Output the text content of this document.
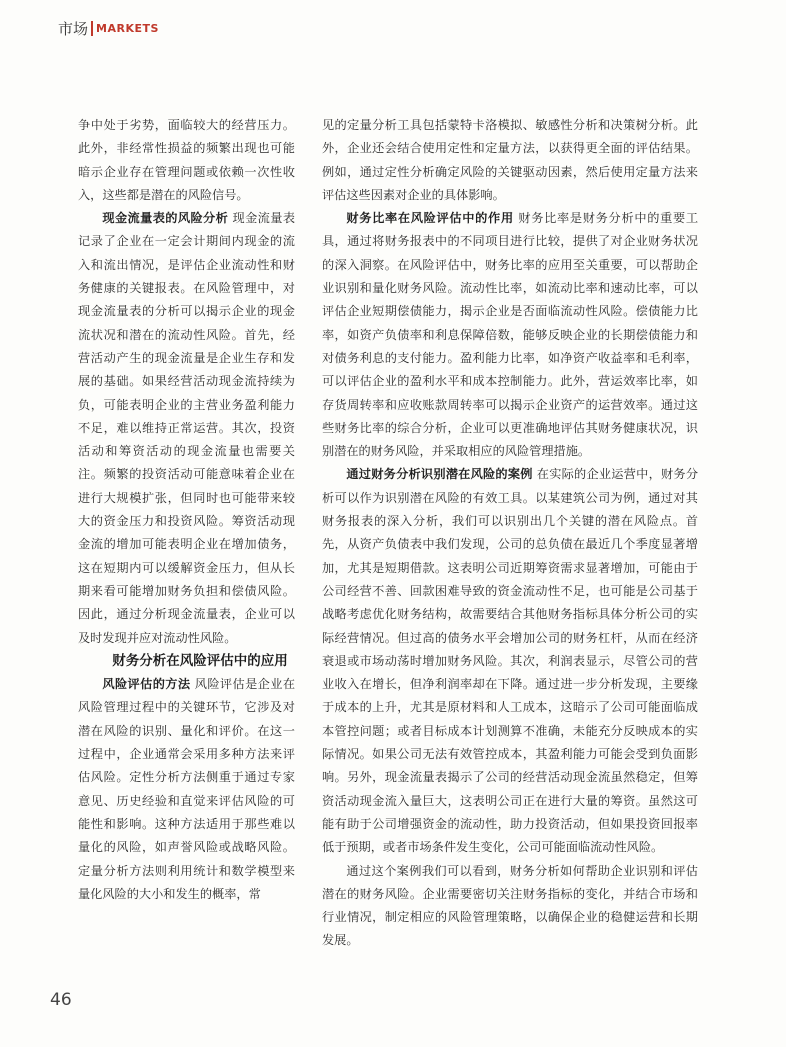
市场 MARKETS

争中处于劣势，面临较大的经营压力。此外，非经常性损益的频繁出现也可能暗示企业存在管理问题或依赖一次性收入，这些都是潜在的风险信号。

现金流量表的风险分析 现金流量表记录了企业在一定会计期间内现金的流入和流出情况，是评估企业流动性和财务健康的关键报表。在风险管理中，对现金流量表的分析可以揭示企业的现金流状况和潜在的流动性风险。首先，经营活动产生的现金流量是企业生存和发展的基础。如果经营活动现金流持续为负，可能表明企业的主营业务盈利能力不足，难以维持正常运营。其次，投资活动和筹资活动的现金流量也需要关注。频繁的投资活动可能意味着企业在进行大规模扩张，但同时也可能带来较大的资金压力和投资风险。筹资活动现金流的增加可能表明企业在增加债务，这在短期内可以缓解资金压力，但从长期来看可能增加财务负担和偿债风险。因此，通过分析现金流量表，企业可以及时发现并应对流动性风险。

财务分析在风险评估中的应用

风险评估的方法 风险评估是企业在风险管理过程中的关键环节，它涉及对潜在风险的识别、量化和评价。在这一过程中，企业通常会采用多种方法来评估风险。定性分析方法侧重于通过专家意见、历史经验和直觉来评估风险的可能性和影响。这种方法适用于那些难以量化的风险，如声誉风险或战略风险。定量分析方法则利用统计和数学模型来量化风险的大小和发生的概率，常

见的定量分析工具包括蒙特卡洛模拟、敏感性分析和决策树分析。此外，企业还会结合使用定性和定量方法，以获得更全面的评估结果。例如，通过定性分析确定风险的关键驱动因素，然后使用定量方法来评估这些因素对企业的具体影响。

财务比率在风险评估中的作用 财务比率是财务分析中的重要工具，通过将财务报表中的不同项目进行比较，提供了对企业财务状况的深入洞察。在风险评估中，财务比率的应用至关重要，可以帮助企业识别和量化财务风险。流动性比率，如流动比率和速动比率，可以评估企业短期偿债能力，揭示企业是否面临流动性风险。偿债能力比率，如资产负债率和利息保障倍数，能够反映企业的长期偿债能力和对债务利息的支付能力。盈利能力比率，如净资产收益率和毛利率，可以评估企业的盈利水平和成本控制能力。此外，营运效率比率，如存货周转率和应收账款周转率可以揭示企业资产的运营效率。通过这些财务比率的综合分析，企业可以更准确地评估其财务健康状况，识别潜在的财务风险，并采取相应的风险管理措施。

通过财务分析识别潜在风险的案例 在实际的企业运营中，财务分析可以作为识别潜在风险的有效工具。以某建筑公司为例，通过对其财务报表的深入分析，我们可以识别出几个关键的潜在风险点。首先，从资产负债表中我们发现，公司的总负债在最近几个季度显著增加，尤其是短期借款。这表明公司近期筹资需求显著增加，可能由于公司经营不善、回款困难导致的资金流动性不足，也可能是公司基于战略考虑优化财务结构，故需要结合其他财务指标具体分析公司的实际经营情况。但过高的债务水平会增加公司的财务杠杆，从而在经济衰退或市场动荡时增加财务风险。其次，利润表显示，尽管公司的营业收入在增长，但净利润率却在下降。通过进一步分析发现，主要缘于成本的上升，尤其是原材料和人工成本，这暗示了公司可能面临成本管控问题；或者目标成本计划测算不准确，未能充分反映成本的实际情况。如果公司无法有效管控成本，其盈利能力可能会受到负面影响。另外，现金流量表揭示了公司的经营活动现金流虽然稳定，但筹资活动现金流入量巨大，这表明公司正在进行大量的筹资。虽然这可能有助于公司增强资金的流动性，助力投资活动，但如果投资回报率低于预期，或者市场条件发生变化，公司可能面临流动性风险。

通过这个案例我们可以看到，财务分析如何帮助企业识别和评估潜在的财务风险。企业需要密切关注财务指标的变化，并结合市场和行业情况，制定相应的风险管理策略，以确保企业的稳健运营和长期发展。

46
